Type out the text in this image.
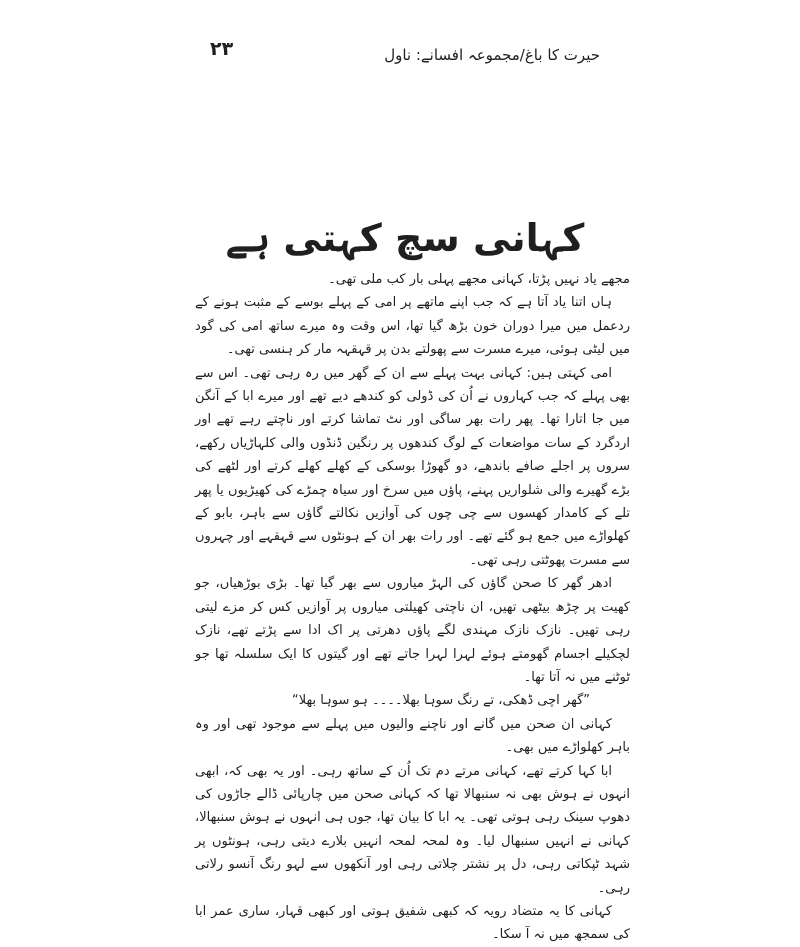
حیرت کا باغ/مجموعہ افسانے: ناول
۲۳
کہانی سچ کہتی ہے

مجھے یاد نہیں پڑتا، کہانی مجھے پہلی بار کب ملی تھی۔

ہاں اتنا یاد آتا ہے کہ جب اپنے ماتھے پر امی کے پہلے بوسے کے مثبت ہونے کے ردعمل میں میرا دوران خون بڑھ گیا تھا، اس وقت وہ میرے ساتھ امی کی گود میں لیٹی ہوئی، میرے مسرت سے پھولتے بدن پر قہقہہ مار کر ہنسی تھی۔

امی کہتی ہیں: کہانی بہت پہلے سے ان کے گھر میں رہ رہی تھی۔ اس سے بھی پہلے کہ جب کہاروں نے اُن کی ڈولی کو کندھے دیے تھے اور میرے ابا کے آنگن میں جا اتارا تھا۔ پھر رات بھر ساگی اور نٹ تماشا کرتے اور ناچتے رہے تھے اور اردگرد کے سات مواضعات کے لوگ کندھوں پر رنگین ڈنڈوں والی کلہاڑیاں رکھے، سروں پر اجلے صافے باندھے، دو گھوڑا بوسکی کے کھلے کھلے کرتے اور لٹھے کی بڑے گھیرے والی شلواریں پہنے، پاؤں میں سرخ اور سیاہ چمڑے کی کھیڑیوں یا پھر تلے کے کامدار کھسوں سے چی چوں کی آوازیں نکالتے گاؤں سے باہر، بابو کے کھلواڑے میں جمع ہو گئے تھے۔ اور رات بھر ان کے ہونٹوں سے قہقہے اور چہروں سے مسرت پھوٹتی رہی تھی۔

ادھر گھر کا صحن گاؤں کی الہڑ میاروں سے بھر گیا تھا۔ بڑی بوڑھیاں، جو کھیت پر چڑھ بیٹھی تھیں، ان ناچتی کھیلتی میاروں پر آوازیں کس کر مزے لیتی رہی تھیں۔ نازک نازک مہندی لگے پاؤں دھرتی پر اک ادا سے پڑتے تھے، نازک لچکیلے اجسام گھومتے ہوئے لہرا لہرا جاتے تھے اور گیتوں کا ایک سلسلہ تھا جو ٹوٹنے میں نہ آتا تھا۔

”گھر اچی ڈھکی، تے رنگ سوہا بھلا۔۔۔۔ ہو سوہا بھلا“

کہانی ان صحن میں گانے اور ناچنے والیوں میں پہلے سے موجود تھی اور وہ باہر کھلواڑے میں بھی۔

ابا کہا کرتے تھے، کہانی مرتے دم تک اُن کے ساتھ رہی۔ اور یہ بھی کہ، ابھی انہوں نے ہوش بھی نہ سنبھالا تھا کہ کہانی صحن میں چارپائی ڈالے جاڑوں کی دھوپ سینک رہی ہوتی تھی۔ یہ ابا کا بیان تھا، جوں ہی انہوں نے ہوش سنبھالا، کہانی نے انہیں سنبھال لیا۔ وہ لمحہ لمحہ انہیں بلارے دیتی رہی، ہونٹوں پر شہد ٹپکاتی رہی، دل پر نشتر چلاتی رہی اور آنکھوں سے لہو رنگ آنسو رلاتی رہی۔

کہانی کا یہ متضاد رویہ کہ کبھی شفیق ہوتی اور کبھی قہار، ساری عمر ابا کی سمجھ میں نہ آ سکا۔
